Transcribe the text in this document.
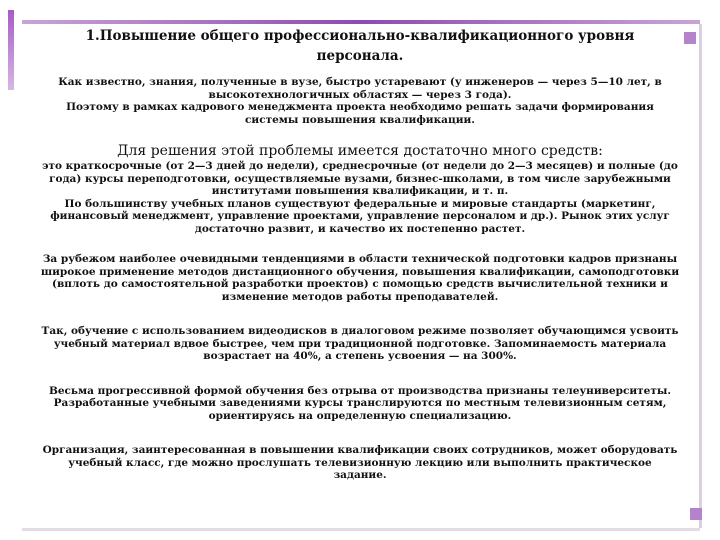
1.Повышение общего профессионально-квалификационного уровня персонала.

Как известно, знания, полученные в вузе, быстро устаревают (у инженеров — через 5—10 лет, в высокотехнологичных областях — через 3 года).

Поэтому в рамках кадрового менеджмента проекта необходимо решать задачи формирования системы повышения квалификации.

Для решения этой проблемы имеется достаточно много средств:

это краткосрочные (от 2—3 дней до недели), среднесрочные (от недели до 2—3 месяцев) и полные (до года) курсы переподготовки, осуществляемые вузами, бизнес-школами, в том числе зарубежными институтами повышения квалификации, и т. п.

По большинству учебных планов существуют федеральные и мировые стандарты (маркетинг, финансовый менеджмент, управление проектами, управление персоналом и др.). Рынок этих услуг достаточно развит, и качество их постепенно растет.

За рубежом наиболее очевидными тенденциями в области технической подготовки кадров признаны широкое применение методов дистанционного обучения, повышения квалификации, самоподготовки (вплоть до самостоятельной разработки проектов) с помощью средств вычислительной техники и изменение методов работы преподавателей.

Так, обучение с использованием видеодисков в диалоговом режиме позволяет обучающимся усвоить учебный материал вдвое быстрее, чем при традиционной подготовке. Запоминаемость материала возрастает на 40%, а степень усвоения — на 300%.

Весьма прогрессивной формой обучения без отрыва от производства признаны телеуниверситеты. Разработанные учебными заведениями курсы транслируются по местным телевизионным сетям, ориентируясь на определенную специализацию.

Организация, заинтересованная в повышении квалификации своих сотрудников, может оборудовать учебный класс, где можно прослушать телевизионную лекцию или выполнить практическое задание.
